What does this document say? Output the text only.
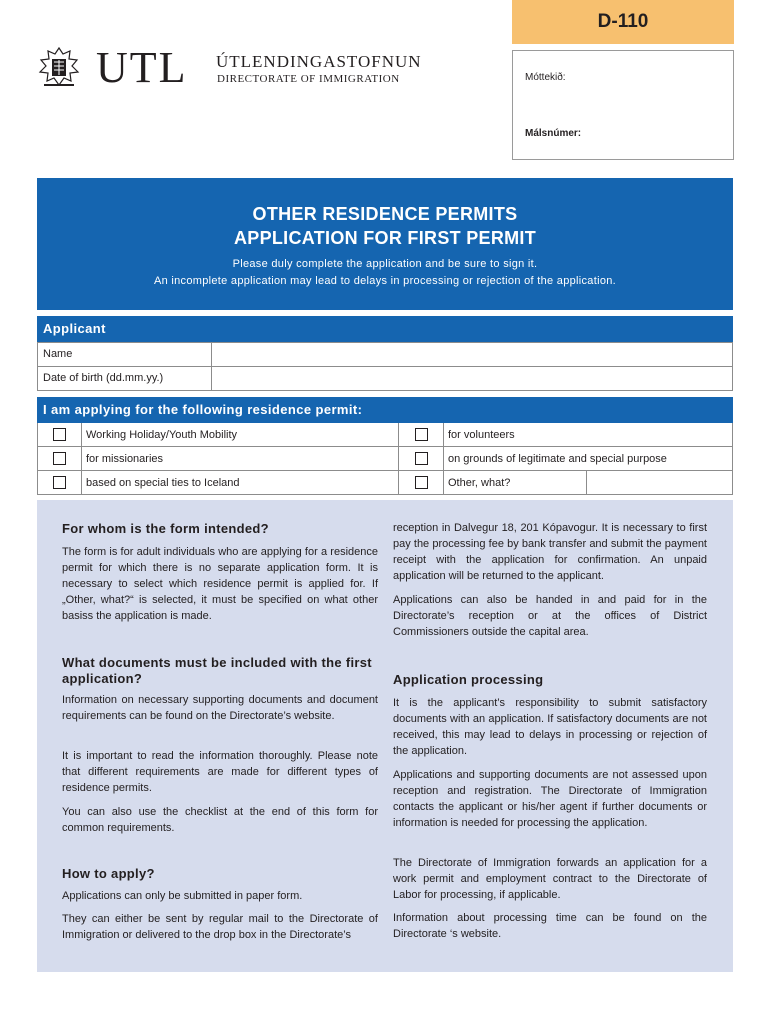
UTL ÚTLENDINGASTOFNUN
DIRECTORATE OF IMMIGRATION
D-110
Móttekið:
Málsnúmer:
OTHER RESIDENCE PERMITS
APPLICATION FOR FIRST PERMIT
Please duly complete the application and be sure to sign it.
An incomplete application may lead to delays in processing or rejection of the application.
Applicant
Name
Date of birth (dd.mm.yy.)
I am applying for the following residence permit:
Working Holiday/Youth Mobility	for volunteers
for missionaries	on grounds of legitimate and special purpose
based on special ties to Iceland	Other, what?
For whom is the form intended?

The form is for adult individuals who are applying for a residence permit for which there is no separate application form. It is necessary to select which residence permit is applied for. If „Other, what?“ is selected, it must be specified on what other basiss the application is made.

What documents must be included with the first application?

Information on necessary supporting documents and document requirements can be found on the Directorate’s website.

It is important to read the information thoroughly. Please note that different requirements are made for different types of residence permits.

You can also use the checklist at the end of this form for common requirements.

How to apply?

Applications can only be submitted in paper form.

They can either be sent by regular mail to the Directorate of Immigration or delivered to the drop box in the Directorate’s

reception in Dalvegur 18, 201 Kópavogur. It is necessary to first pay the processing fee by bank transfer and submit the payment receipt with the application for confirmation. An unpaid application will be returned to the applicant.

Applications can also be handed in and paid for in the Directorate’s reception or at the offices of District Commissioners outside the capital area.

Application processing

It is the applicant’s responsibility to submit satisfactory documents with an application. If satisfactory documents are not received, this may lead to delays in processing or rejection of the application.

Applications and supporting documents are not assessed upon reception and registration. The Directorate of Immigration contacts the applicant or his/her agent if further documents or information is needed for processing the application.

The Directorate of Immigration forwards an application for a work permit and employment contract to the Directorate of Labor for processing, if applicable.

Information about processing time can be found on the Directorate ‘s website.
